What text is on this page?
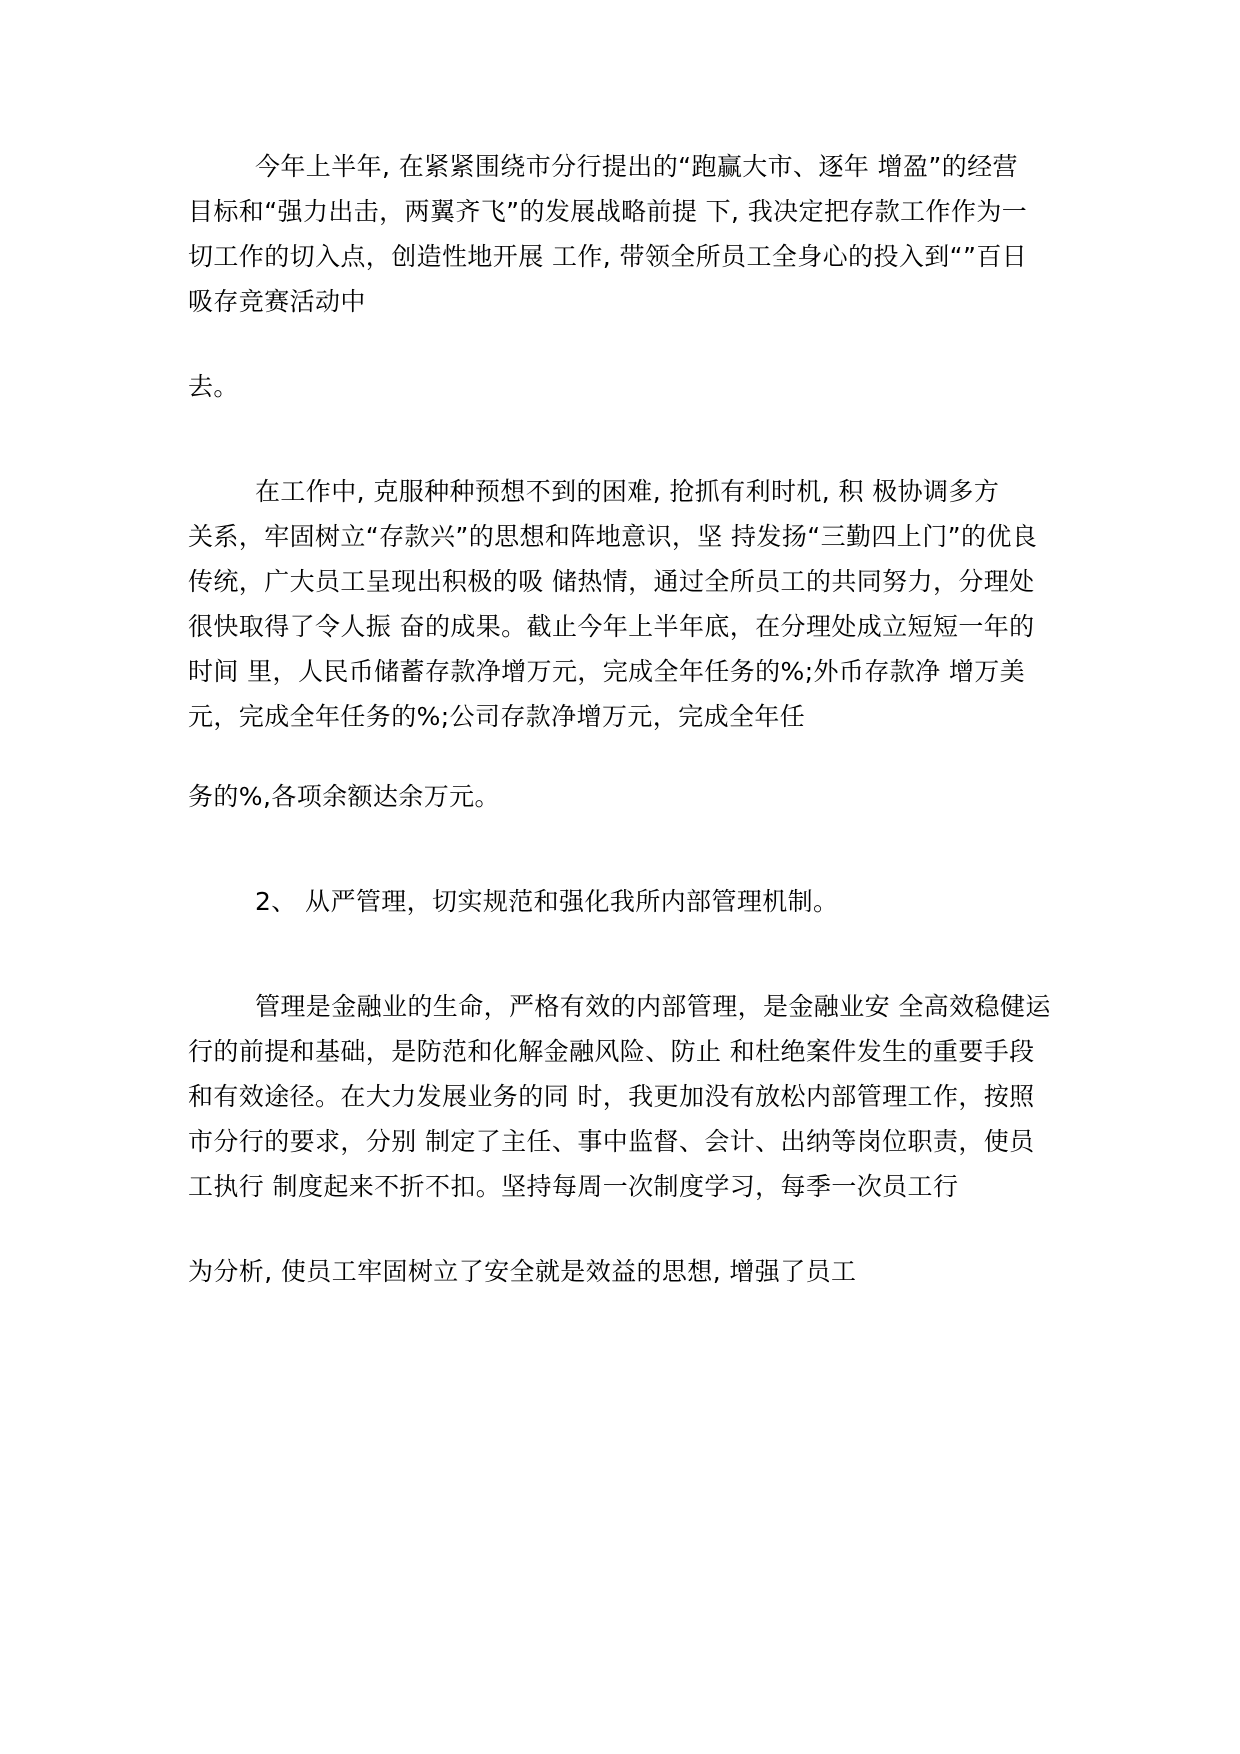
今年上半年, 在紧紧围绕市分行提出的“跑赢大市、逐年 增盈”的经营

目标和“强力出击，两翼齐飞”的发展战略前提 下, 我决定把存款工作作为一

切工作的切入点，创造性地开展 工作, 带领全所员工全身心的投入到“”百日

吸存竞赛活动中

去。

在工作中, 克服种种预想不到的困难, 抢抓有利时机, 积 极协调多方

关系，牢固树立“存款兴”的思想和阵地意识，坚 持发扬“三勤四上门”的优良

传统，广大员工呈现出积极的吸 储热情，通过全所员工的共同努力，分理处

很快取得了令人振 奋的成果。截止今年上半年底，在分理处成立短短一年的

时间 里，人民币储蓄存款净增万元，完成全年任务的%;外币存款净 增万美

元，完成全年任务的%;公司存款净增万元，完成全年任

务的%,各项余额达余万元。

2、 从严管理，切实规范和强化我所内部管理机制。

管理是金融业的生命，严格有效的内部管理，是金融业安 全高效稳健运

行的前提和基础，是防范和化解金融风险、防止 和杜绝案件发生的重要手段

和有效途径。在大力发展业务的同 时，我更加没有放松内部管理工作，按照

市分行的要求，分别 制定了主任、事中监督、会计、出纳等岗位职责，使员

工执行 制度起来不折不扣。坚持每周一次制度学习，每季一次员工行

为分析, 使员工牢固树立了安全就是效益的思想, 增强了员工
